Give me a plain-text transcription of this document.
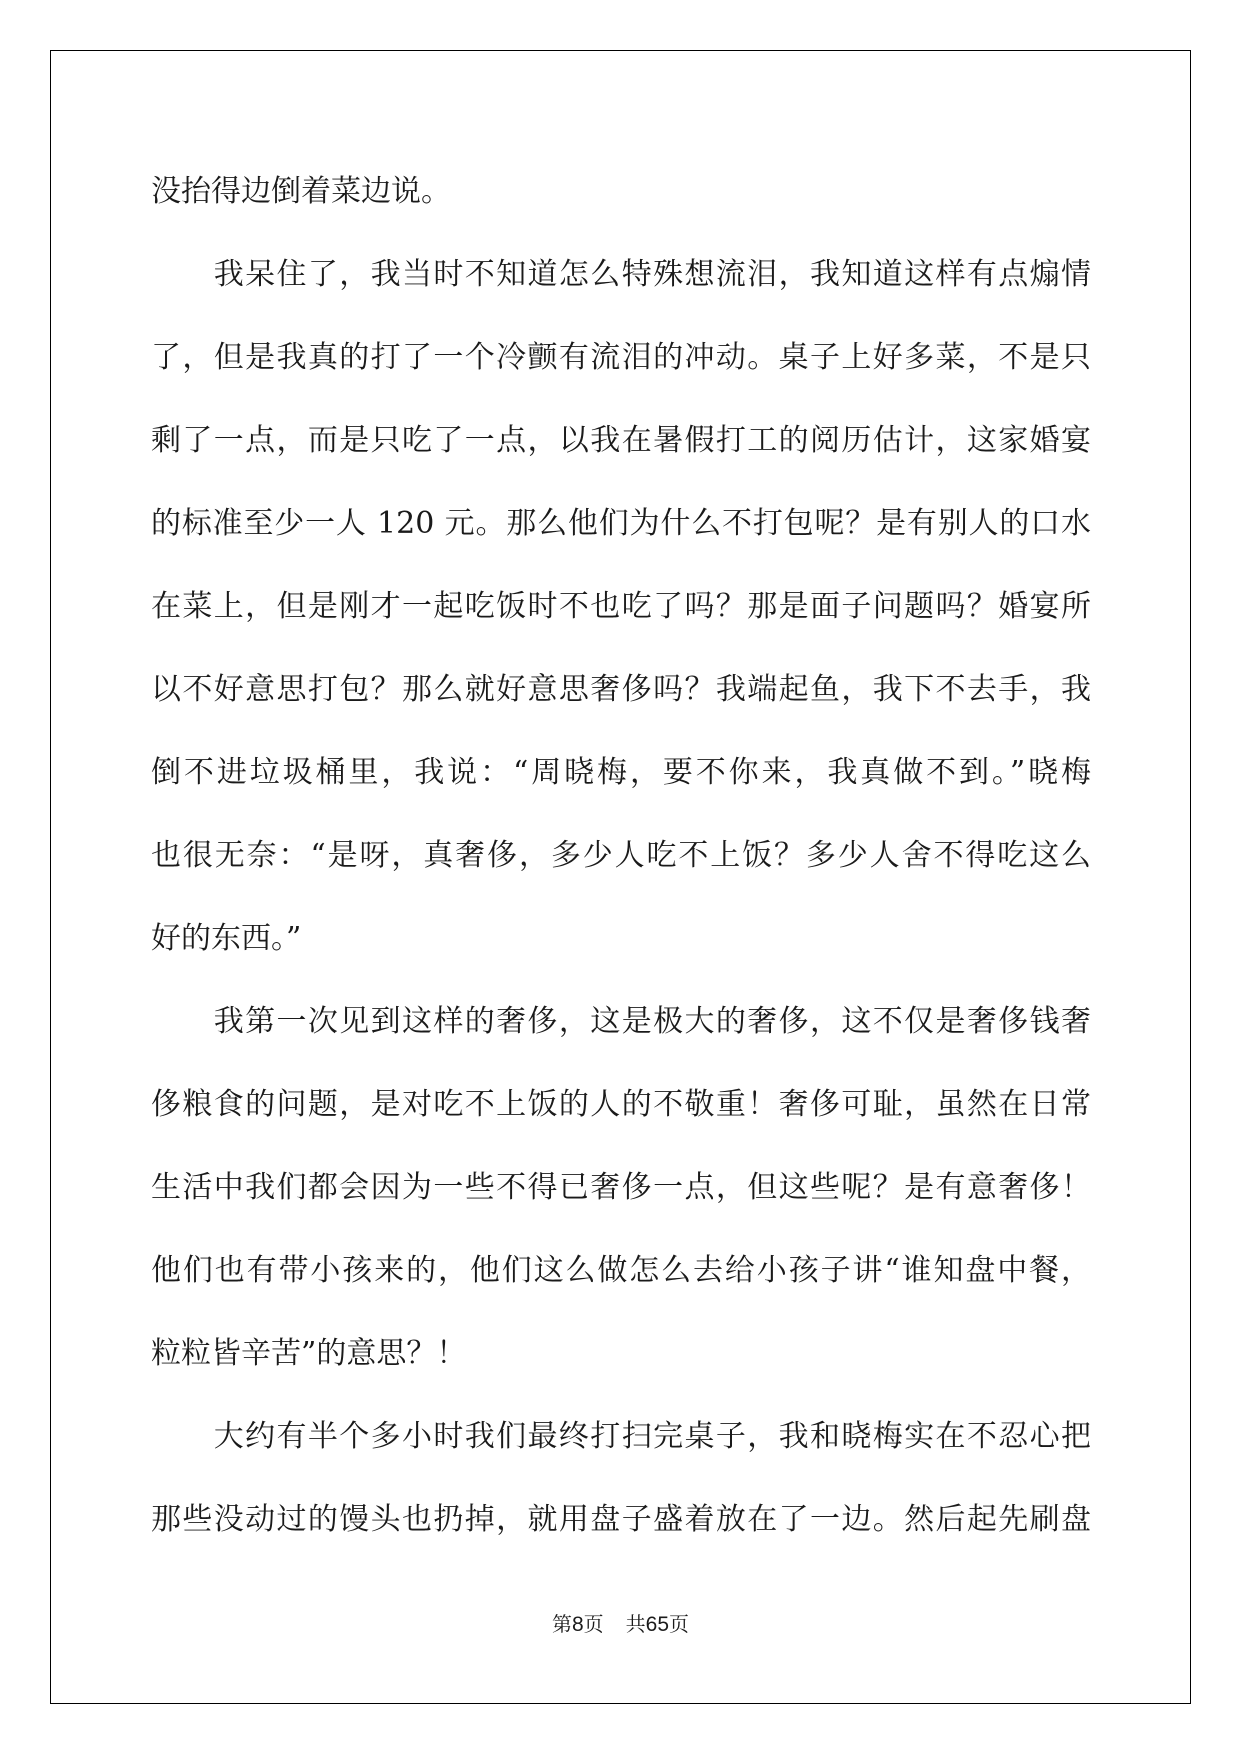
没抬得边倒着菜边说。
　　我呆住了，我当时不知道怎么特殊想流泪，我知道这样有点煽情
了，但是我真的打了一个冷颤有流泪的冲动。桌子上好多菜，不是只
剩了一点，而是只吃了一点，以我在暑假打工的阅历估计，这家婚宴
的标准至少一人 120 元。那么他们为什么不打包呢？是有别人的口水
在菜上，但是刚才一起吃饭时不也吃了吗？那是面子问题吗？婚宴所
以不好意思打包？那么就好意思奢侈吗？我端起鱼，我下不去手，我
倒不进垃圾桶里，我说：“周晓梅，要不你来，我真做不到。”晓梅
也很无奈：“是呀，真奢侈，多少人吃不上饭？多少人舍不得吃这么
好的东西。”
　　我第一次见到这样的奢侈，这是极大的奢侈，这不仅是奢侈钱奢
侈粮食的问题，是对吃不上饭的人的不敬重！奢侈可耻，虽然在日常
生活中我们都会因为一些不得已奢侈一点，但这些呢？是有意奢侈！
他们也有带小孩来的，他们这么做怎么去给小孩子讲“谁知盘中餐，
粒粒皆辛苦”的意思？！
　　大约有半个多小时我们最终打扫完桌子，我和晓梅实在不忍心把
那些没动过的馒头也扔掉，就用盘子盛着放在了一边。然后起先刷盘
第8页 共65页
